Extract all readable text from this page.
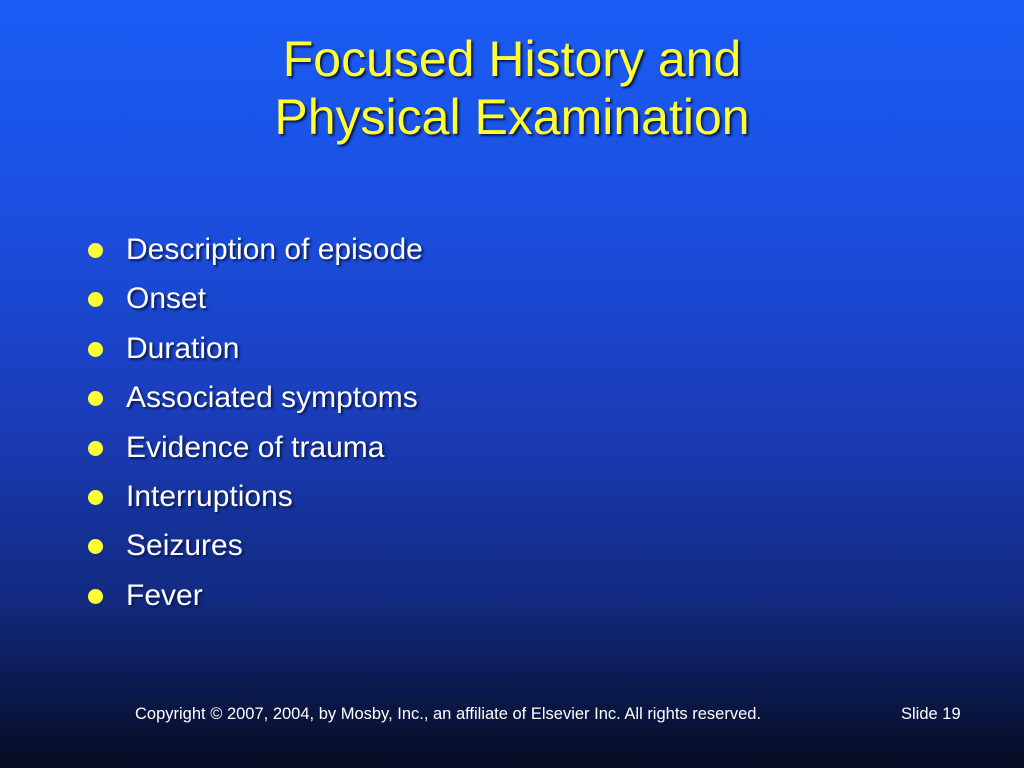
Focused History and
Physical Examination
Description of episode
Onset
Duration
Associated symptoms
Evidence of trauma
Interruptions
Seizures
Fever
Copyright © 2007, 2004, by Mosby, Inc., an affiliate of Elsevier Inc. All rights reserved.	Slide 19
